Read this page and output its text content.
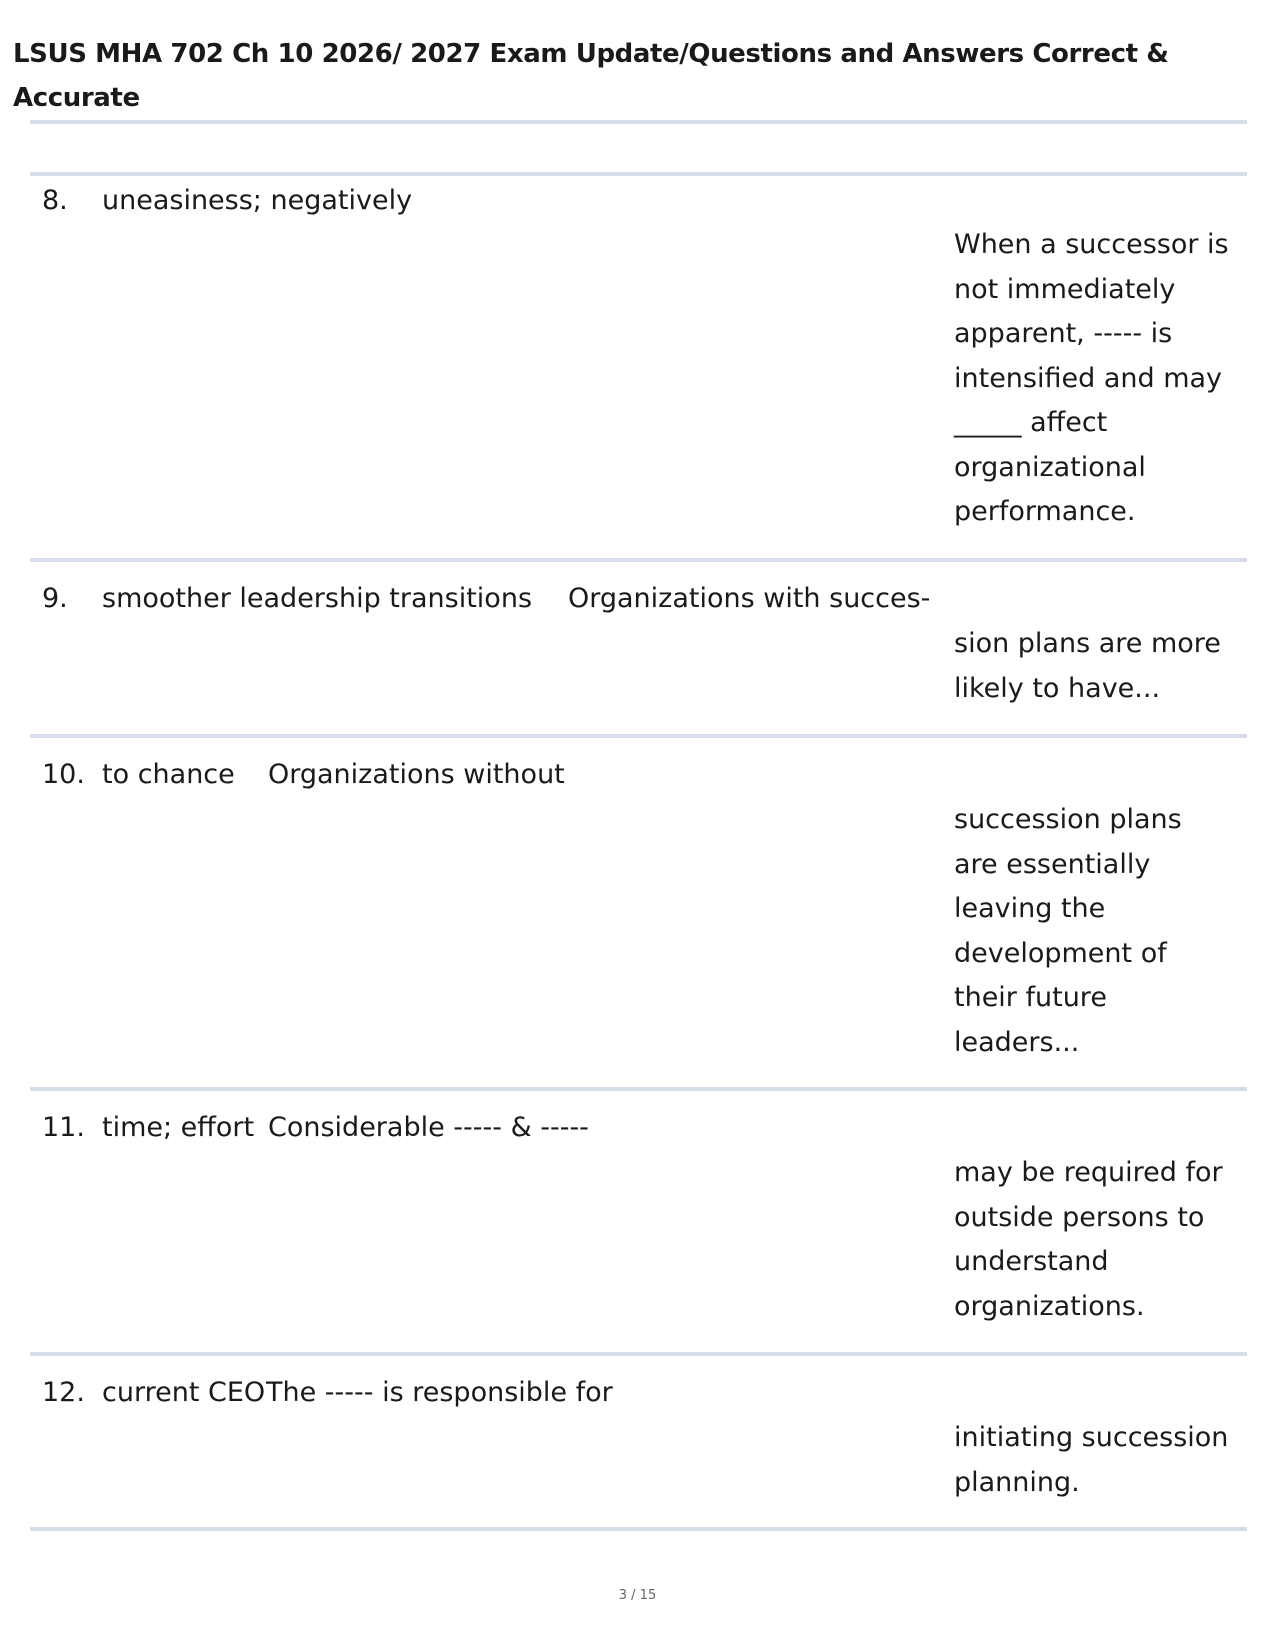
LSUS MHA 702 Ch 10 2026/ 2027 Exam Update/Questions and Answers Correct & Accurate
8. uneasiness; negatively
When a successor is
not immediately
apparent, ----- is
intensified and may
_____ affect
organizational
performance.
9. smoother leadership transitions Organizations with succes-
sion plans are more
likely to have...
10. to chance Organizations without
succession plans
are essentially
leaving the
development of
their future
leaders...
11. time; effort Considerable ----- & -----
may be required for
outside persons to
understand
organizations.
12. current CEO The ----- is responsible for
initiating succession
planning.
3 / 15
